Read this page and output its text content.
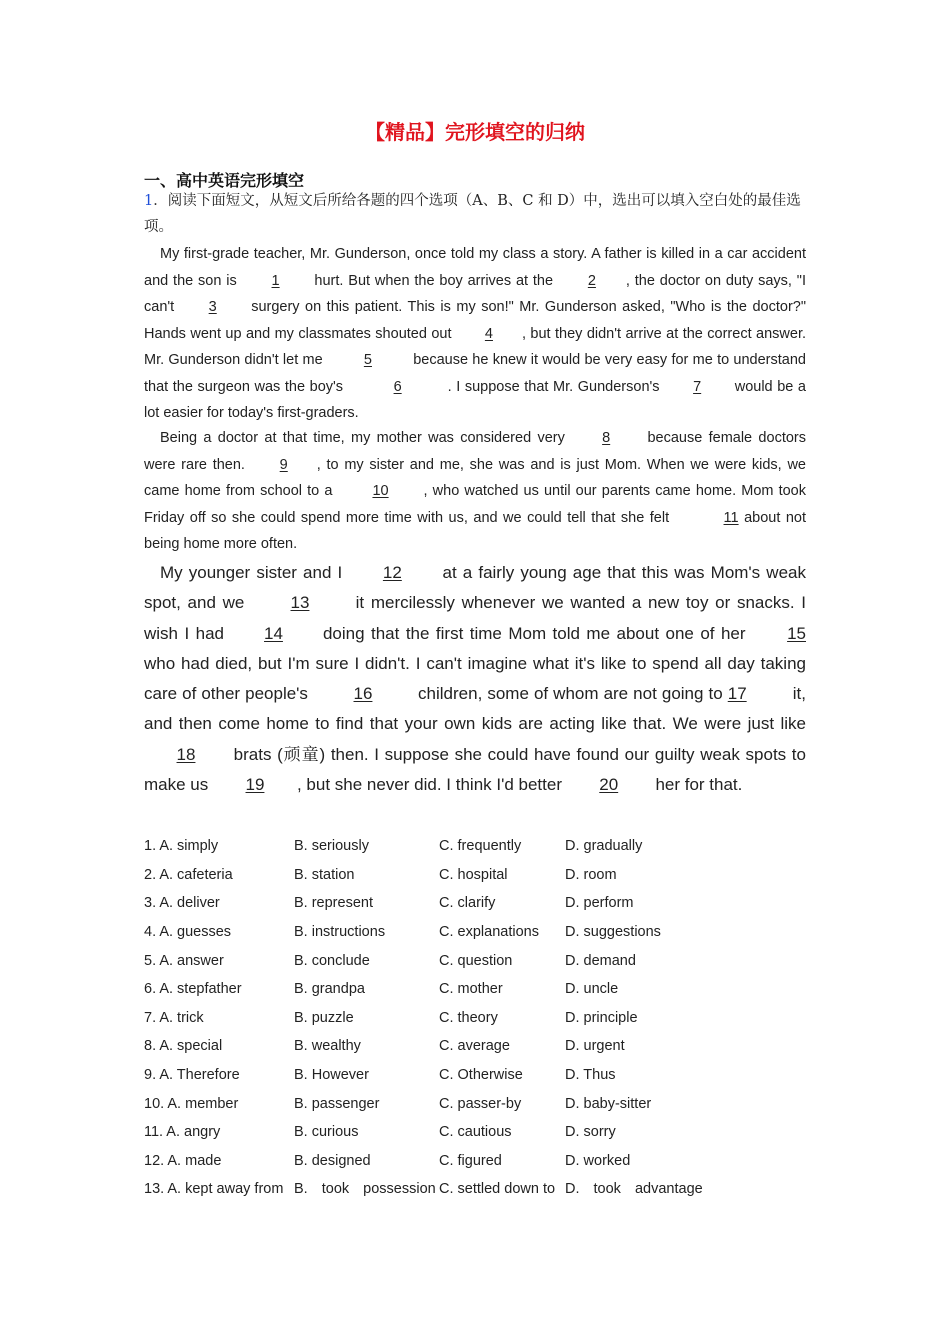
【精品】完形填空的归纳
一、高中英语完形填空
1．阅读下面短文，从短文后所给各题的四个选项（A、B、C 和 D）中，选出可以填入空白处的最佳选项。
My first-grade teacher, Mr. Gunderson, once told my class a story. A father is killed in a car accident and the son is 1 hurt. But when the boy arrives at the 2 , the doctor on duty says, "I can't 3 surgery on this patient. This is my son!" Mr. Gunderson asked, "Who is the doctor?" Hands went up and my classmates shouted out 4 , but they didn't arrive at the correct answer. Mr. Gunderson didn't let me	5	because he knew it would be very easy for me to understand that the surgeon was the boy's	6	. I suppose that Mr. Gunderson's 7 would be a lot easier for today's first-graders.
Being a doctor at that time, my mother was considered very 8 because female doctors were rare then. 9 , to my sister and me, she was and is just Mom. When we were kids, we came home from school to a 10 , who watched us until our parents came home. Mom took Friday off so she could spend more time with us, and we could tell that she felt	11 about not being home more often.
My younger sister and I 12 at a fairly young age that this was Mom's weak spot, and we 13 it mercilessly whenever we wanted a new toy or snacks. I wish I had 14 doing that the first time Mom told me about one of her 15 who had died, but I'm sure I didn't. I can't imagine what it's like to spend all day taking care of other people's 16 children, some of whom are not going to 17 it, and then come home to find that your own kids are acting like that. We were just like 18 brats (顽童) then. I suppose she could have found our guilty weak spots to make us 19 , but she never did. I think I'd better 20 her for that.
1. A. simply	B. seriously	C. frequently	D. gradually
2. A. cafeteria	B. station	C. hospital	D. room
3. A. deliver	B. represent	C. clarify	D. perform
4. A. guesses	B. instructions	C. explanations	D. suggestions
5. A. answer	B. conclude	C. question	D. demand
6. A. stepfather	B. grandpa	C. mother	D. uncle
7. A. trick	B. puzzle	C. theory	D. principle
8. A. special	B. wealthy	C. average	D. urgent
9. A. Therefore	B. However	C. Otherwise	D. Thus
10. A. member	B. passenger	C. passer-by	D. baby-sitter
11. A. angry	B. curious	C. cautious	D. sorry
12. A. made	B. designed	C. figured	D. worked
13. A. kept away from B. took possession C. settled down to D. took advantage
